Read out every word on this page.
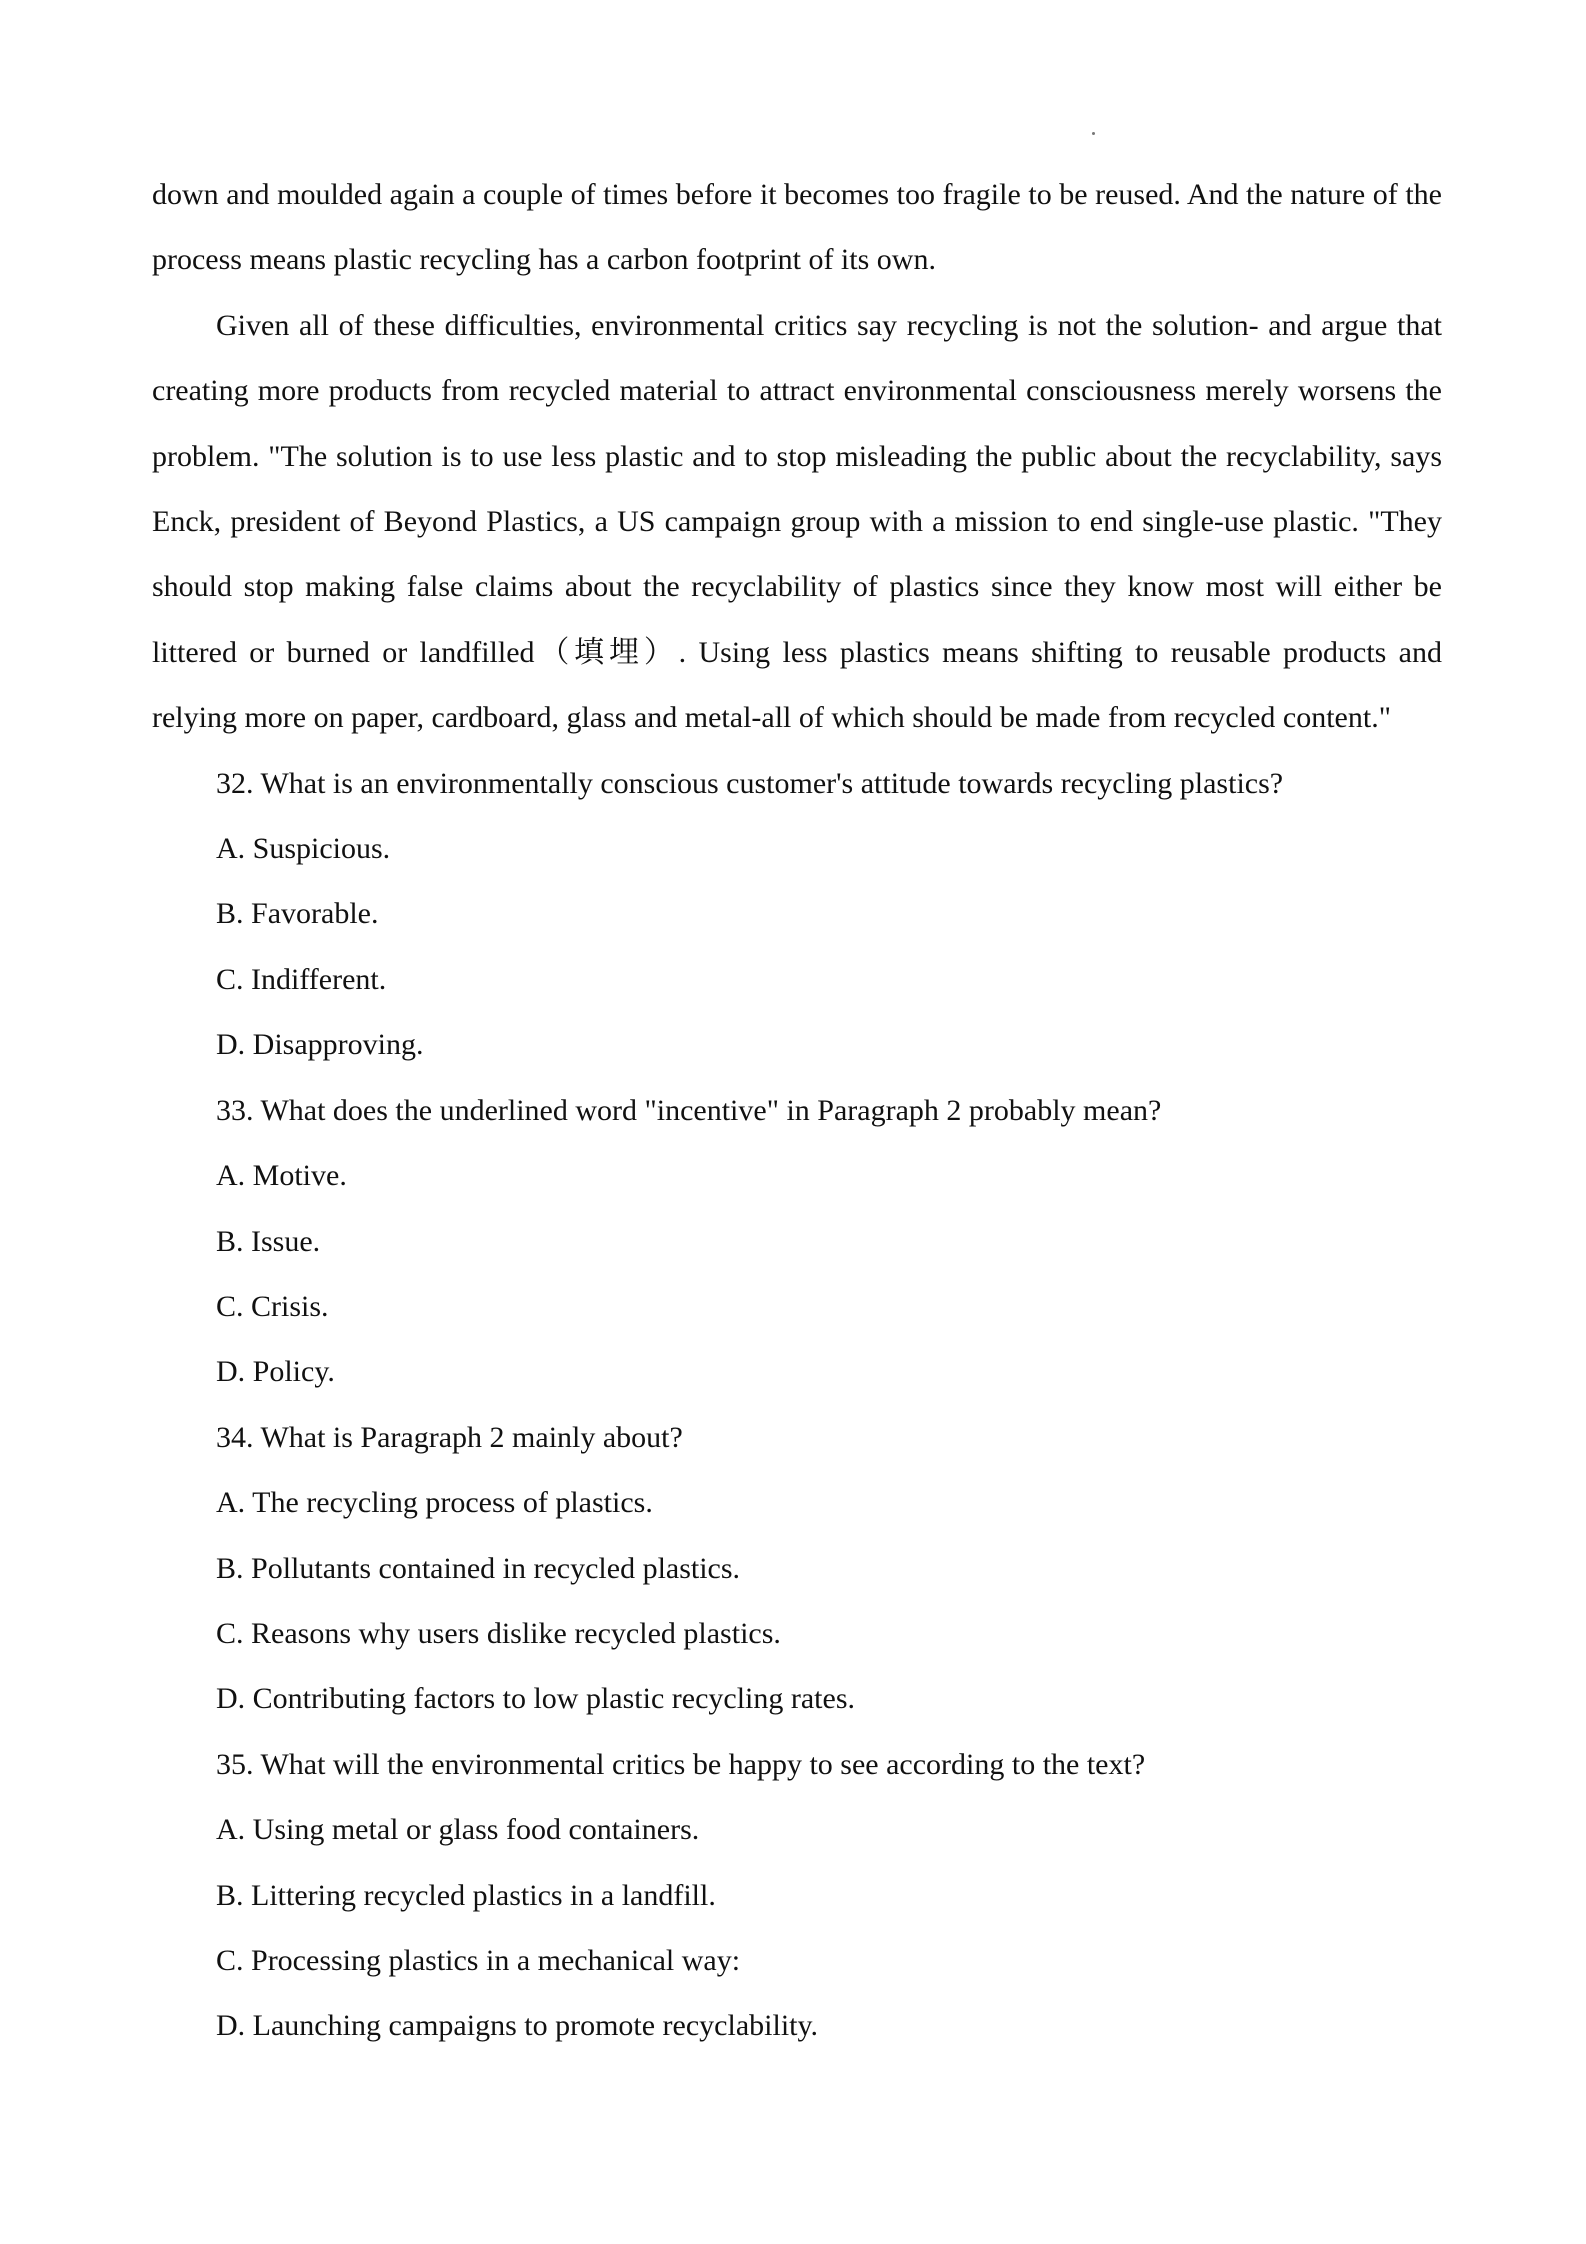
down and moulded again a couple of times before it becomes too fragile to be reused. And the nature of the process means plastic recycling has a carbon footprint of its own.

Given all of these difficulties, environmental critics say recycling is not the solution- and argue that creating more products from recycled material to attract environmental consciousness merely worsens the problem. "The solution is to use less plastic and to stop misleading the public about the recyclability, says Enck, president of Beyond Plastics, a US campaign group with a mission to end single-use plastic. "They should stop making false claims about the recyclability of plastics since they know most will either be littered or burned or landfilled（填埋）. Using less plastics means shifting to reusable products and relying more on paper, cardboard, glass and metal-all of which should be made from recycled content."

32. What is an environmentally conscious customer's attitude towards recycling plastics?

A. Suspicious.

B. Favorable.

C. Indifferent.

D. Disapproving.

33. What does the underlined word "incentive" in Paragraph 2 probably mean?

A. Motive.

B. Issue.

C. Crisis.

D. Policy.

34. What is Paragraph 2 mainly about?

A. The recycling process of plastics.

B. Pollutants contained in recycled plastics.

C. Reasons why users dislike recycled plastics.

D. Contributing factors to low plastic recycling rates.

35. What will the environmental critics be happy to see according to the text?

A. Using metal or glass food containers.

B. Littering recycled plastics in a landfill.

C. Processing plastics in a mechanical way:

D. Launching campaigns to promote recyclability.
